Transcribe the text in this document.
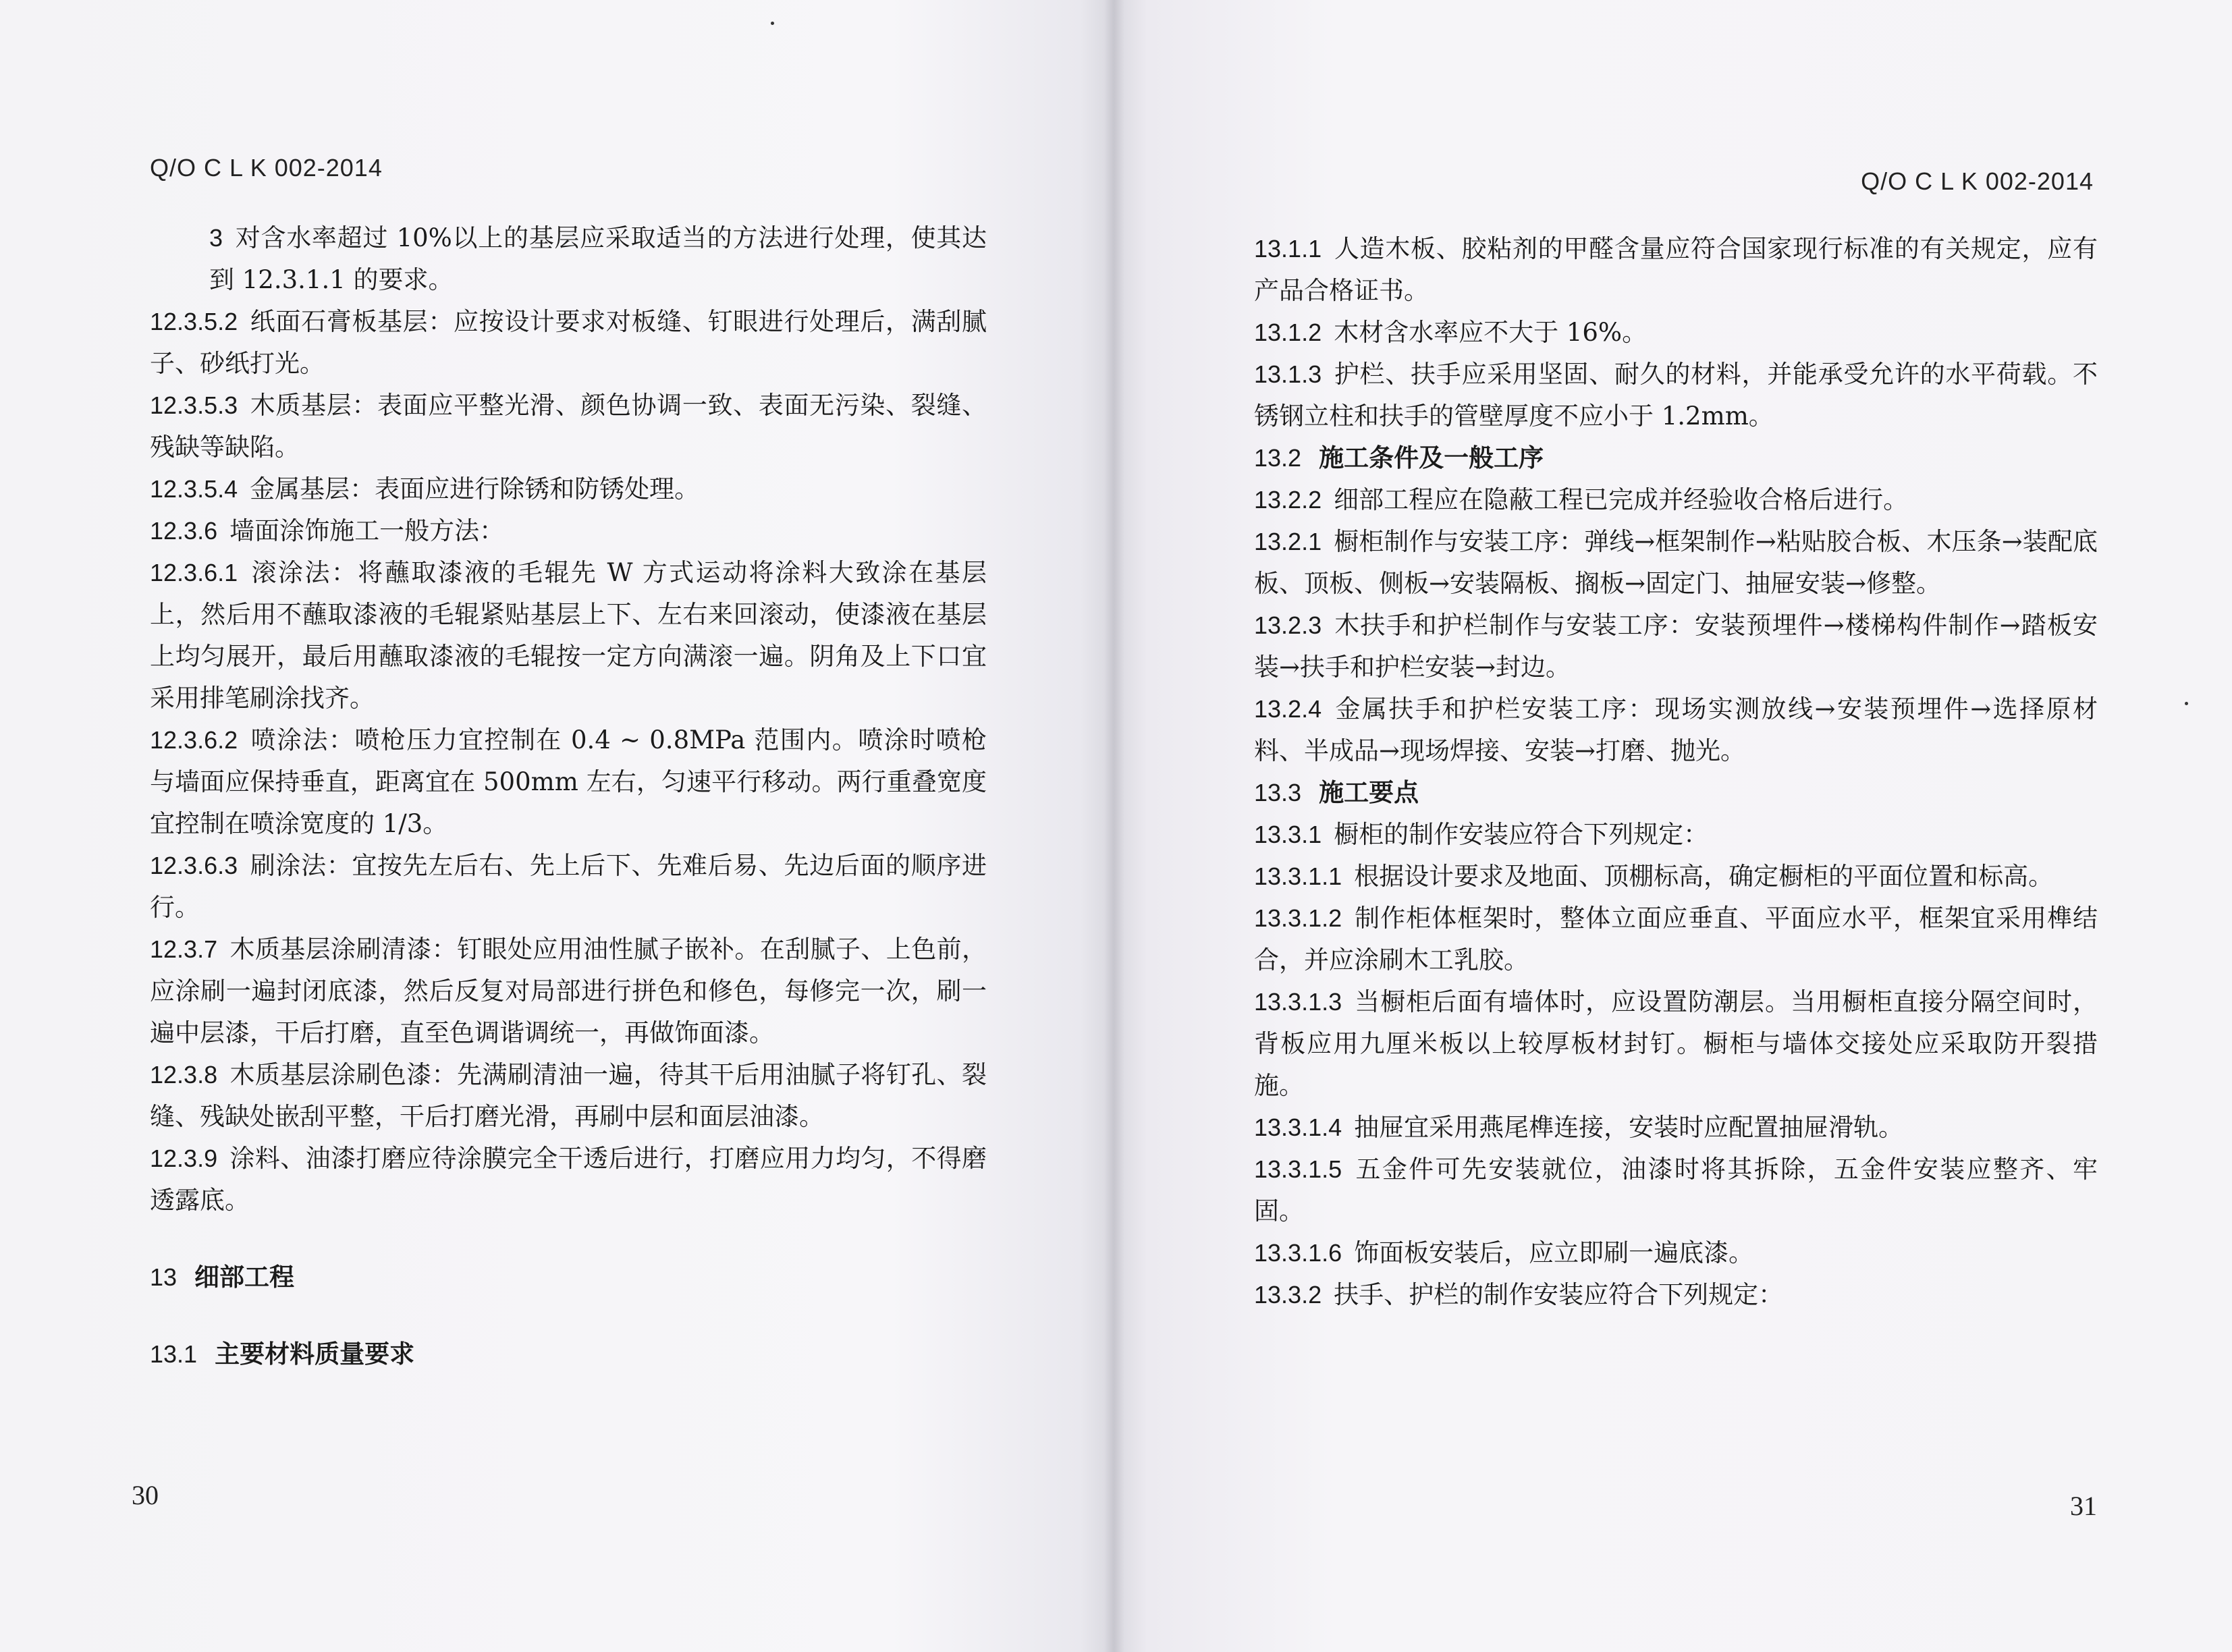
Q/O C L K 002-2014

3 对含水率超过 10%以上的基层应采取适当的方法进行处理，使其达到 12.3.1.1 的要求。

12.3.5.2 纸面石膏板基层：应按设计要求对板缝、钉眼进行处理后，满刮腻子、砂纸打光。

12.3.5.3 木质基层：表面应平整光滑、颜色协调一致、表面无污染、裂缝、残缺等缺陷。

12.3.5.4 金属基层：表面应进行除锈和防锈处理。

12.3.6 墙面涂饰施工一般方法：

12.3.6.1 滚涂法：将蘸取漆液的毛辊先 W 方式运动将涂料大致涂在基层上，然后用不蘸取漆液的毛辊紧贴基层上下、左右来回滚动，使漆液在基层上均匀展开，最后用蘸取漆液的毛辊按一定方向满滚一遍。阴角及上下口宜采用排笔刷涂找齐。

12.3.6.2 喷涂法：喷枪压力宜控制在 0.4 ~ 0.8MPa 范围内。喷涂时喷枪与墙面应保持垂直，距离宜在 500mm 左右，匀速平行移动。两行重叠宽度宜控制在喷涂宽度的 1/3。

12.3.6.3 刷涂法：宜按先左后右、先上后下、先难后易、先边后面的顺序进行。

12.3.7 木质基层涂刷清漆：钉眼处应用油性腻子嵌补。在刮腻子、上色前，应涂刷一遍封闭底漆，然后反复对局部进行拼色和修色，每修完一次，刷一遍中层漆，干后打磨，直至色调谐调统一，再做饰面漆。

12.3.8 木质基层涂刷色漆：先满刷清油一遍，待其干后用油腻子将钉孔、裂缝、残缺处嵌刮平整，干后打磨光滑，再刷中层和面层油漆。

12.3.9 涂料、油漆打磨应待涂膜完全干透后进行，打磨应用力均匀，不得磨透露底。

13 细部工程

13.1 主要材料质量要求

30
Q/O C L K 002-2014

13.1.1 人造木板、胶粘剂的甲醛含量应符合国家现行标准的有关规定，应有产品合格证书。

13.1.2 木材含水率应不大于 16%。

13.1.3 护栏、扶手应采用坚固、耐久的材料，并能承受允许的水平荷载。不锈钢立柱和扶手的管壁厚度不应小于 1.2mm。

13.2 施工条件及一般工序

13.2.2 细部工程应在隐蔽工程已完成并经验收合格后进行。

13.2.1 橱柜制作与安装工序：弹线→框架制作→粘贴胶合板、木压条→装配底板、顶板、侧板→安装隔板、搁板→固定门、抽屉安装→修整。

13.2.3 木扶手和护栏制作与安装工序：安装预埋件→楼梯构件制作→踏板安装→扶手和护栏安装→封边。

13.2.4 金属扶手和护栏安装工序：现场实测放线→安装预埋件→选择原材料、半成品→现场焊接、安装→打磨、抛光。

13.3 施工要点

13.3.1 橱柜的制作安装应符合下列规定：

13.3.1.1 根据设计要求及地面、顶棚标高，确定橱柜的平面位置和标高。

13.3.1.2 制作柜体框架时，整体立面应垂直、平面应水平，框架宜采用榫结合，并应涂刷木工乳胶。

13.3.1.3 当橱柜后面有墙体时，应设置防潮层。当用橱柜直接分隔空间时，背板应用九厘米板以上较厚板材封钉。橱柜与墙体交接处应采取防开裂措施。

13.3.1.4 抽屉宜采用燕尾榫连接，安装时应配置抽屉滑轨。

13.3.1.5 五金件可先安装就位，油漆时将其拆除，五金件安装应整齐、牢固。

13.3.1.6 饰面板安装后，应立即刷一遍底漆。

13.3.2 扶手、护栏的制作安装应符合下列规定：

31
